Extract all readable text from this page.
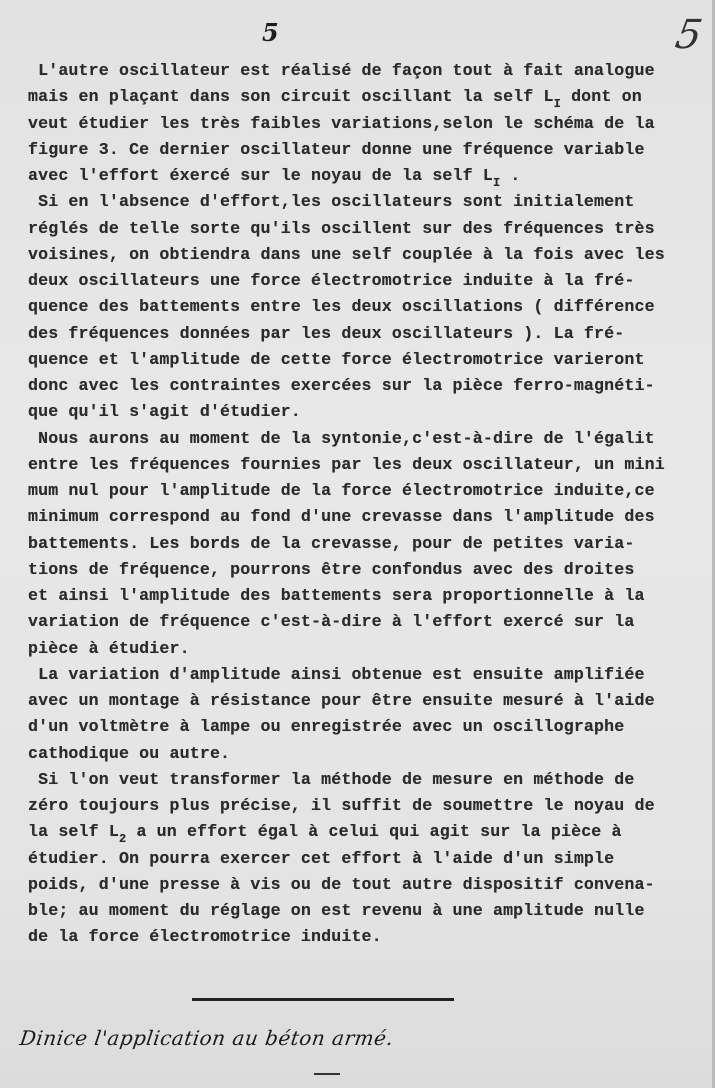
5	5
L'autre oscillateur est réalisé de façon tout à fait analogue
mais en plaçant dans son circuit oscillant la self $L_I$ dont on
veut étudier les très faibles variations,selon le schéma de la
figure 3. Ce dernier oscillateur donne une fréquence variable
avec l'effort éxercé sur le noyau de la self $L_I$ .
Si en l'absence d'effort,les oscillateurs sont initialement
réglés de telle sorte qu'ils oscillent sur des fréquences très
voisines, on obtiendra dans une self couplée à la fois avec les
deux oscillateurs une force électromotrice induite à la fré-
quence des battements entre les deux oscillations ( différence
des fréquences données par les deux oscillateurs ). La fré-
quence et l'amplitude de cette force électromotrice varieront
donc avec les contraintes exercées sur la pièce ferro-magnéti-
que qu'il s'agit d'étudier.
Nous aurons au moment de la syntonie,c'est-à-dire de l'égalit
entre les fréquences fournies par les deux oscillateur, un mini
mum nul pour l'amplitude de la force électromotrice induite,ce
minimum correspond au fond d'une crevasse dans l'amplitude des
battements. Les bords de la crevasse, pour de petites varia-
tions de fréquence, pourrons être confondus avec des droites
et ainsi l'amplitude des battements sera proportionnelle à la
variation de fréquence c'est-à-dire à l'effort exercé sur la
pièce à étudier.
La variation d'amplitude ainsi obtenue est ensuite amplifiée
avec un montage à résistance pour être ensuite mesuré à l'aide
d'un voltmètre à lampe ou enregistrée avec un oscillographe
cathodique ou autre.
Si l'on veut transformer la méthode de mesure en méthode de
zéro toujours plus précise, il suffit de soumettre le noyau de
la self $L_2$ a un effort égal à celui qui agit sur la pièce à
étudier. On pourra exercer cet effort à l'aide d'un simple
poids, d'une presse à vis ou de tout autre dispositif convena-
ble; au moment du réglage on est revenu à une amplitude nulle
de la force électromotrice induite.
Dinice l'application au béton armé.
